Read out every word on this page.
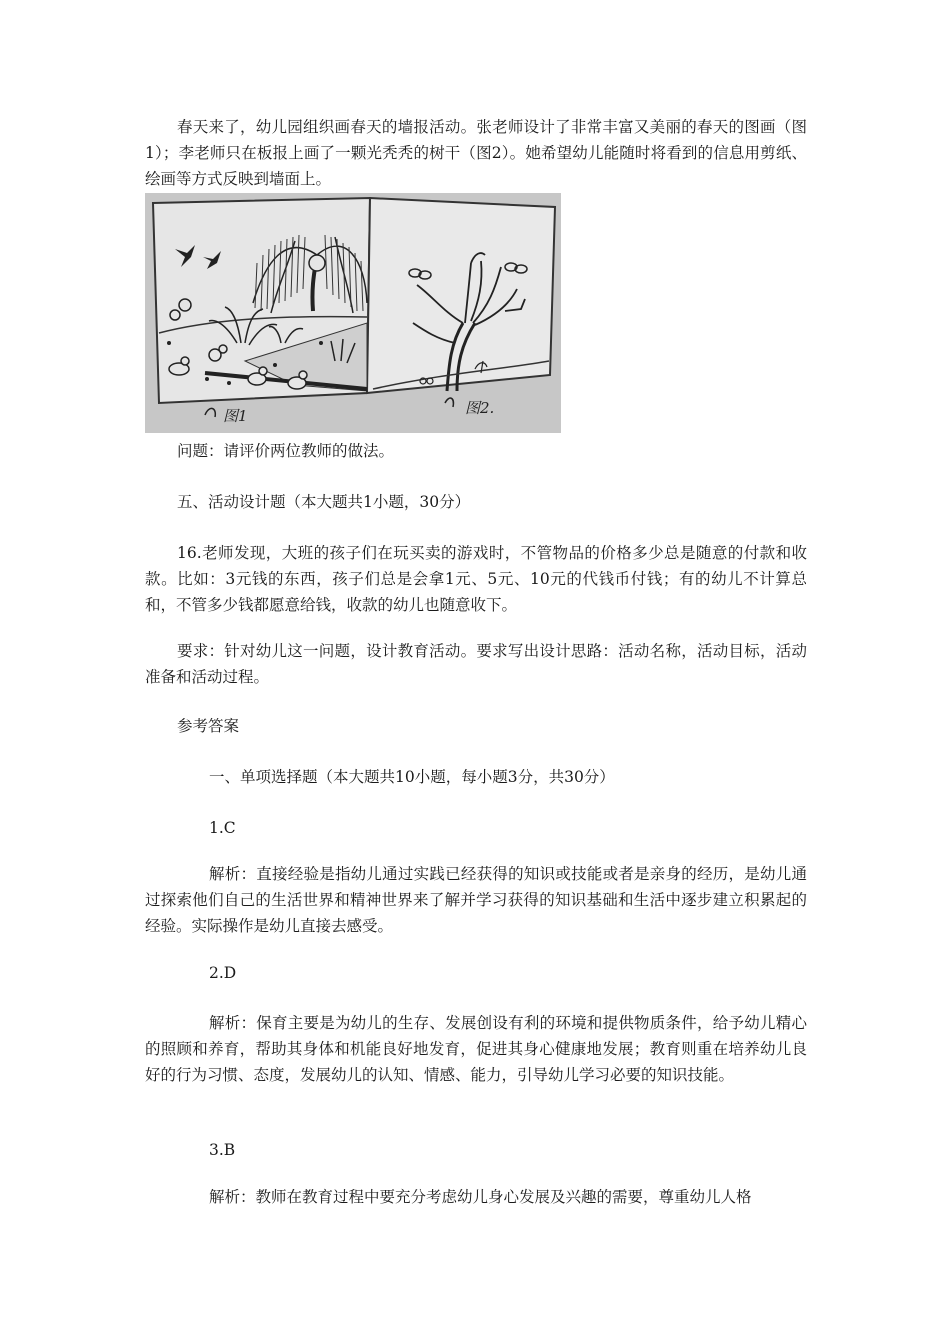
春天来了，幼儿园组织画春天的墙报活动。张老师设计了非常丰富又美丽的春天的图画（图1）；李老师只在板报上画了一颗光秃秃的树干（图2）。她希望幼儿能随时将看到的信息用剪纸、绘画等方式反映到墙面上。

图1	图2.

问题：请评价两位教师的做法。

五、活动设计题（本大题共1小题，30分）

16.老师发现，大班的孩子们在玩买卖的游戏时，不管物品的价格多少总是随意的付款和收款。比如：3元钱的东西，孩子们总是会拿1元、5元、10元的代钱币付钱；有的幼儿不计算总和，不管多少钱都愿意给钱，收款的幼儿也随意收下。

要求：针对幼儿这一问题，设计教育活动。要求写出设计思路：活动名称，活动目标，活动准备和活动过程。

参考答案

一、单项选择题（本大题共10小题，每小题3分，共30分）

1.C

解析：直接经验是指幼儿通过实践已经获得的知识或技能或者是亲身的经历，是幼儿通过探索他们自己的生活世界和精神世界来了解并学习获得的知识基础和生活中逐步建立积累起的经验。实际操作是幼儿直接去感受。

2.D

解析：保育主要是为幼儿的生存、发展创设有利的环境和提供物质条件，给予幼儿精心的照顾和养育，帮助其身体和机能良好地发育，促进其身心健康地发展；教育则重在培养幼儿良好的行为习惯、态度，发展幼儿的认知、情感、能力，引导幼儿学习必要的知识技能。

3.B

解析：教师在教育过程中要充分考虑幼儿身心发展及兴趣的需要，尊重幼儿人格
